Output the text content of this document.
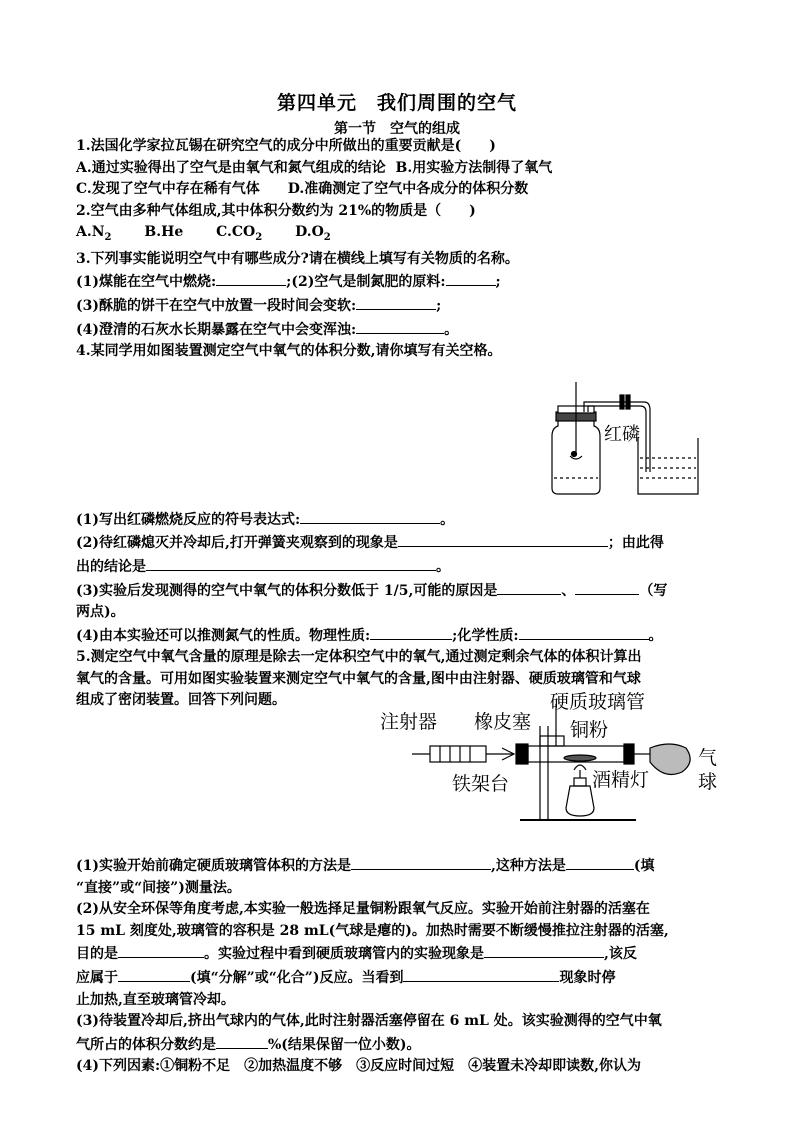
第四单元　我们周围的空气
第一节　空气的组成
1.法国化学家拉瓦锡在研究空气的成分中所做出的重要贡献是(　　)
A.通过实验得出了空气是由氧气和氮气组成的结论 B.用实验方法制得了氧气
C.发现了空气中存在稀有气体   D.准确测定了空气中各成分的体积分数
2.空气由多种气体组成,其中体积分数约为 21%的物质是（　　)
$A.N_2$   B.He   $C.CO_2$   $D.O_2$
3.下列事实能说明空气中有哪些成分?请在横线上填写有关物质的名称。
(1)煤能在空气中燃烧:	;(2)空气是制氮肥的原料:	;
(3)酥脆的饼干在空气中放置一段时间会变软:	;
(4)澄清的石灰水长期暴露在空气中会变浑浊:	。
4.某同学用如图装置测定空气中氧气的体积分数,请你填写有关空格。
(1)写出红磷燃烧反应的符号表达式:	。
(2)待红磷熄灭并冷却后,打开弹簧夹观察到的现象是	；由此得
出的结论是	。
(3)实验后发现测得的空气中氧气的体积分数低于 1/5,可能的原因是	、	（写
两点)。
(4)由本实验还可以推测氮气的性质。物理性质:	;化学性质:	。
5.测定空气中氧气含量的原理是除去一定体积空气中的氧气,通过测定剩余气体的体积计算出
氧气的含量。可用如图实验装置来测定空气中氧气的含量,图中由注射器、硬质玻璃管和气球
组成了密闭装置。回答下列问题。
(1)实验开始前确定硬质玻璃管体积的方法是	,这种方法是	(填
“直接”或“间接”)测量法。
(2)从安全环保等角度考虑,本实验一般选择足量铜粉跟氧气反应。实验开始前注射器的活塞在
15 mL 刻度处,玻璃管的容积是 28 mL(气球是瘪的)。加热时需要不断缓慢推拉注射器的活塞,
目的是	。实验过程中看到硬质玻璃管内的实验现象是	,该反
应属于	(填“分解”或“化合”)反应。当看到	现象时停
止加热,直至玻璃管冷却。
(3)待装置冷却后,挤出气球内的气体,此时注射器活塞停留在 6 mL 处。该实验测得的空气中氧
气所占的体积分数约是	%(结果保留一位小数)。
(4)下列因素:①铜粉不足　②加热温度不够　③反应时间过短　④装置未冷却即读数,你认为
红磷
注射器 橡皮塞
硬质玻璃管
铜粉
铁架台	酒精灯
气
球
